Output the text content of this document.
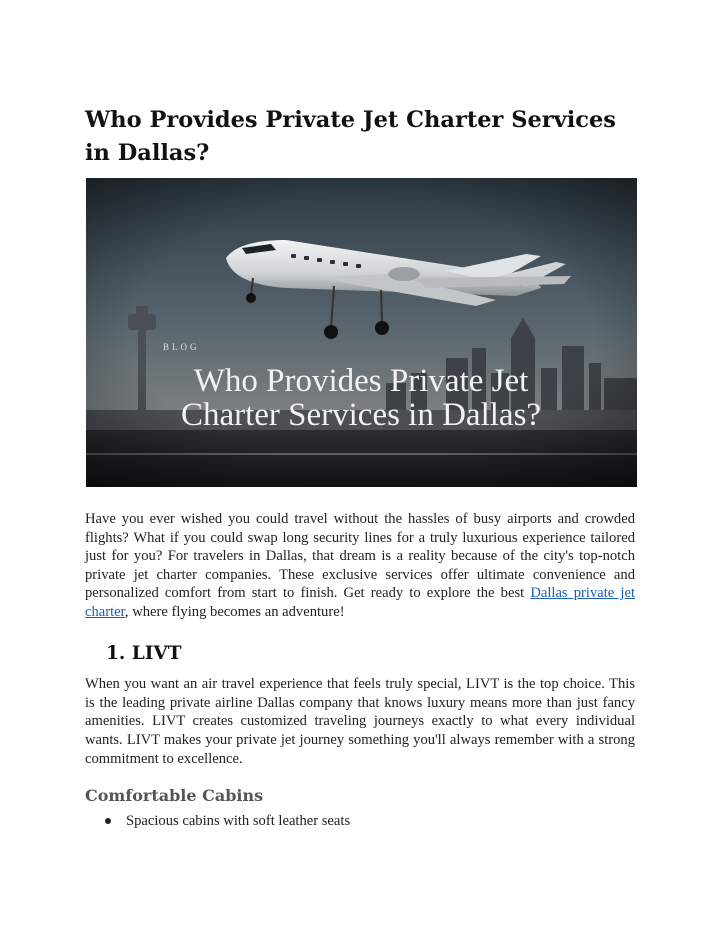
Who Provides Private Jet Charter Services in Dallas?
BLOG
Who Provides Private Jet
Charter Services in Dallas?

Have you ever wished you could travel without the hassles of busy airports and crowded flights? What if you could swap long security lines for a truly luxurious experience tailored just for you? For travelers in Dallas, that dream is a reality because of the city's top-notch private jet charter companies. These exclusive services offer ultimate convenience and personalized comfort from start to finish. Get ready to explore the best Dallas private jet charter, where flying becomes an adventure!

1. LIVT

When you want an air travel experience that feels truly special, LIVT is the top choice. This is the leading private airline Dallas company that knows luxury means more than just fancy amenities. LIVT creates customized traveling journeys exactly to what every individual wants. LIVT makes your private jet journey something you'll always remember with a strong commitment to excellence.

Comfortable Cabins
Spacious cabins with soft leather seats
